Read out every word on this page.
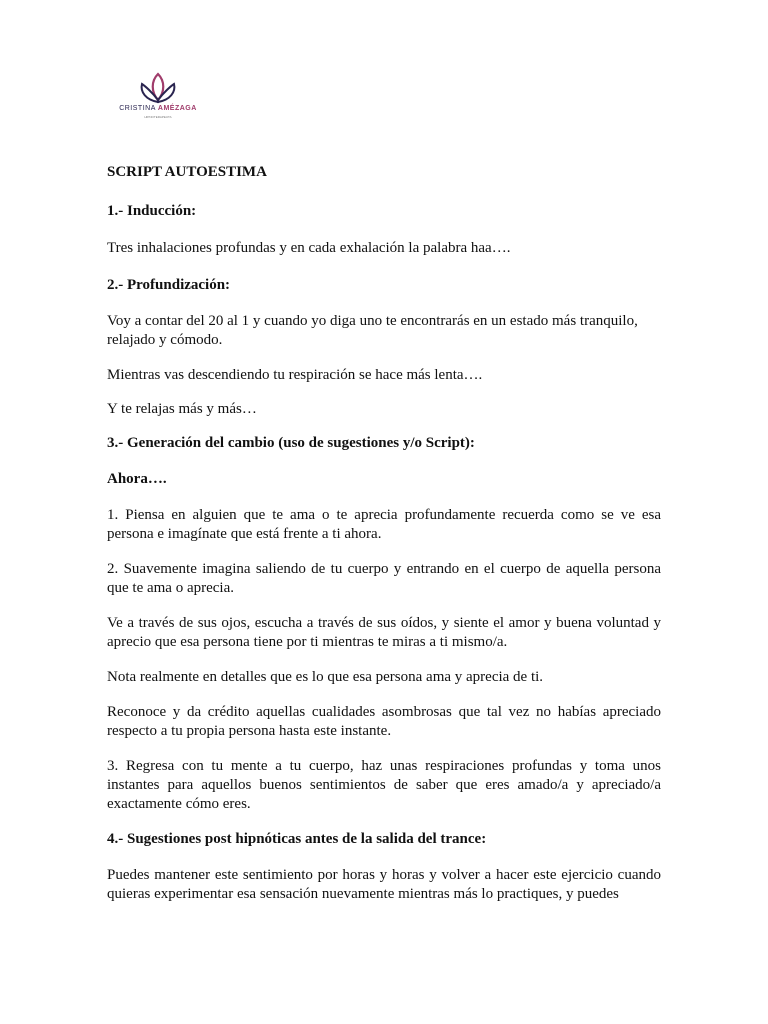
CRISTINA AMÉZAGA
HIPNOTERAPEUTA

SCRIPT AUTOESTIMA

1.- Inducción:

Tres inhalaciones profundas y en cada exhalación la palabra haa….

2.- Profundización:

Voy a contar del 20 al 1 y cuando yo diga uno te encontrarás en un estado más tranquilo, relajado y cómodo.

Mientras vas descendiendo tu respiración se hace más lenta….

Y te relajas más y más…

3.- Generación del cambio (uso de sugestiones y/o Script):

Ahora….

1. Piensa en alguien que te ama o te aprecia profundamente recuerda como se ve esa persona e imagínate que está frente a ti ahora.

2. Suavemente imagina saliendo de tu cuerpo y entrando en el cuerpo de aquella persona que te ama o aprecia.

Ve a través de sus ojos, escucha a través de sus oídos, y siente el amor y buena voluntad y aprecio que esa persona tiene por ti mientras te miras a ti mismo/a.

Nota realmente en detalles que es lo que esa persona ama y aprecia de ti.

Reconoce y da crédito aquellas cualidades asombrosas que tal vez no habías apreciado respecto a tu propia persona hasta este instante.

3. Regresa con tu mente a tu cuerpo, haz unas respiraciones profundas y toma unos instantes para aquellos buenos sentimientos de saber que eres amado/a y apreciado/a exactamente cómo eres.

4.- Sugestiones post hipnóticas antes de la salida del trance:

Puedes mantener este sentimiento por horas y horas y volver a hacer este ejercicio cuando quieras experimentar esa sensación nuevamente mientras más lo practiques, y puedes
